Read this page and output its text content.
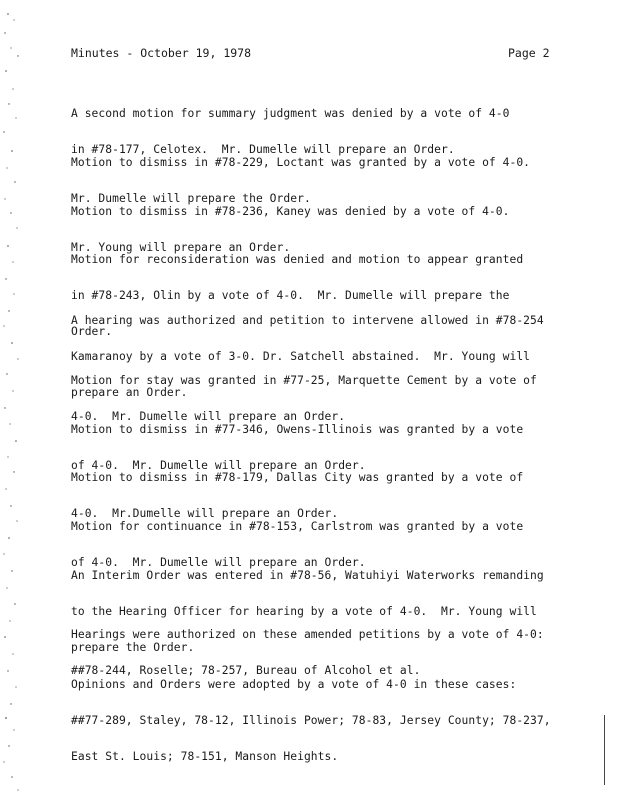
Minutes - October 19, 1978	Page 2

A second motion for summary judgment was denied by a vote of 4-0

in #78-177, Celotex.  Mr. Dumelle will prepare an Order.

Motion to dismiss in #78-229, Loctant was granted by a vote of 4-0.

Mr. Dumelle will prepare the Order.

Motion to dismiss in #78-236, Kaney was denied by a vote of 4-0.

Mr. Young will prepare an Order.

Motion for reconsideration was denied and motion to appear granted

in #78-243, Olin by a vote of 4-0.  Mr. Dumelle will prepare the

Order.

A hearing was authorized and petition to intervene allowed in #78-254

Kamaranoy by a vote of 3-0. Dr. Satchell abstained.  Mr. Young will

prepare an Order.

Motion for stay was granted in #77-25, Marquette Cement by a vote of

4-0.  Mr. Dumelle will prepare an Order.

Motion to dismiss in #77-346, Owens-Illinois was granted by a vote

of 4-0.  Mr. Dumelle will prepare an Order.

Motion to dismiss in #78-179, Dallas City was granted by a vote of

4-0.  Mr.Dumelle will prepare an Order.

Motion for continuance in #78-153, Carlstrom was granted by a vote

of 4-0.  Mr. Dumelle will prepare an Order.

An Interim Order was entered in #78-56, Watuhiyi Waterworks remanding

to the Hearing Officer for hearing by a vote of 4-0.  Mr. Young will

prepare the Order.

Hearings were authorized on these amended petitions by a vote of 4-0:

##78-244, Roselle; 78-257, Bureau of Alcohol et al.

Opinions and Orders were adopted by a vote of 4-0 in these cases:

##77-289, Staley, 78-12, Illinois Power; 78-83, Jersey County; 78-237,

East St. Louis; 78-151, Manson Heights.
